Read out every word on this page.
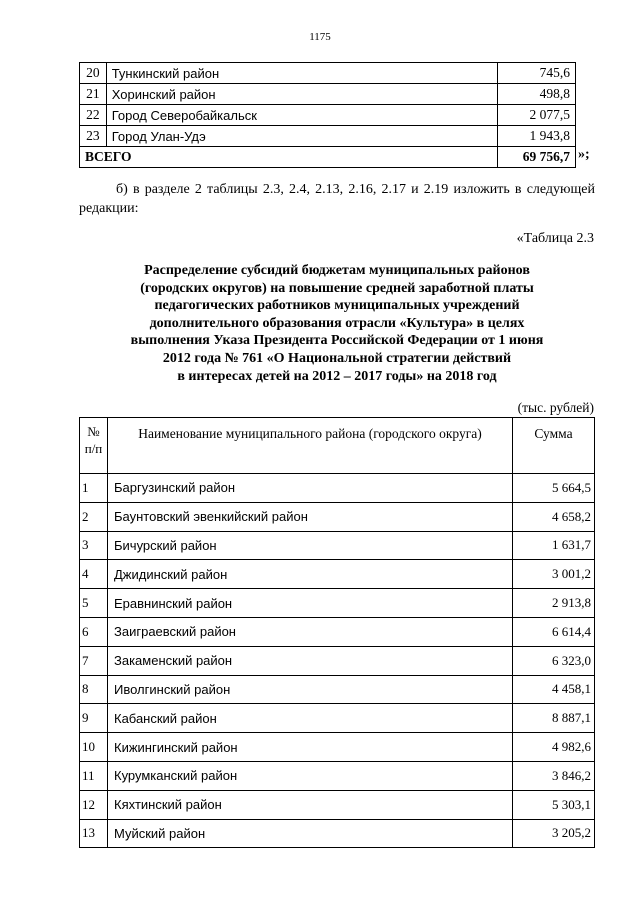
1175
20	Тункинский район	745,6
21	Хоринский район	498,8
22	Город Северобайкальск	2 077,5
23	Город Улан-Удэ	1 943,8
ВСЕГО		69 756,7 »;
б) в разделе 2 таблицы 2.3, 2.4, 2.13, 2.16, 2.17 и 2.19 изложить в следующей редакции:
«Таблица 2.3
Распределение субсидий бюджетам муниципальных районов
(городских округов) на повышение средней заработной платы
педагогических работников муниципальных учреждений
дополнительного образования отрасли «Культура» в целях
выполнения Указа Президента Российской Федерации от 1 июня
2012 года № 761 «О Национальной стратегии действий
в интересах детей на 2012 – 2017 годы» на 2018 год
(тыс. рублей)
№
п/п	Наименование муниципального района (городского округа)	Сумма
1	Баргузинский район	5 664,5
2	Баунтовский эвенкийский район	4 658,2
3	Бичурский район	1 631,7
4	Джидинский район	3 001,2
5	Еравнинский район	2 913,8
6	Заиграевский район	6 614,4
7	Закаменский район	6 323,0
8	Иволгинский район	4 458,1
9	Кабанский район	8 887,1
10	Кижингинский район	4 982,6
11	Курумканский район	3 846,2
12	Кяхтинский район	5 303,1
13	Муйский район	3 205,2
